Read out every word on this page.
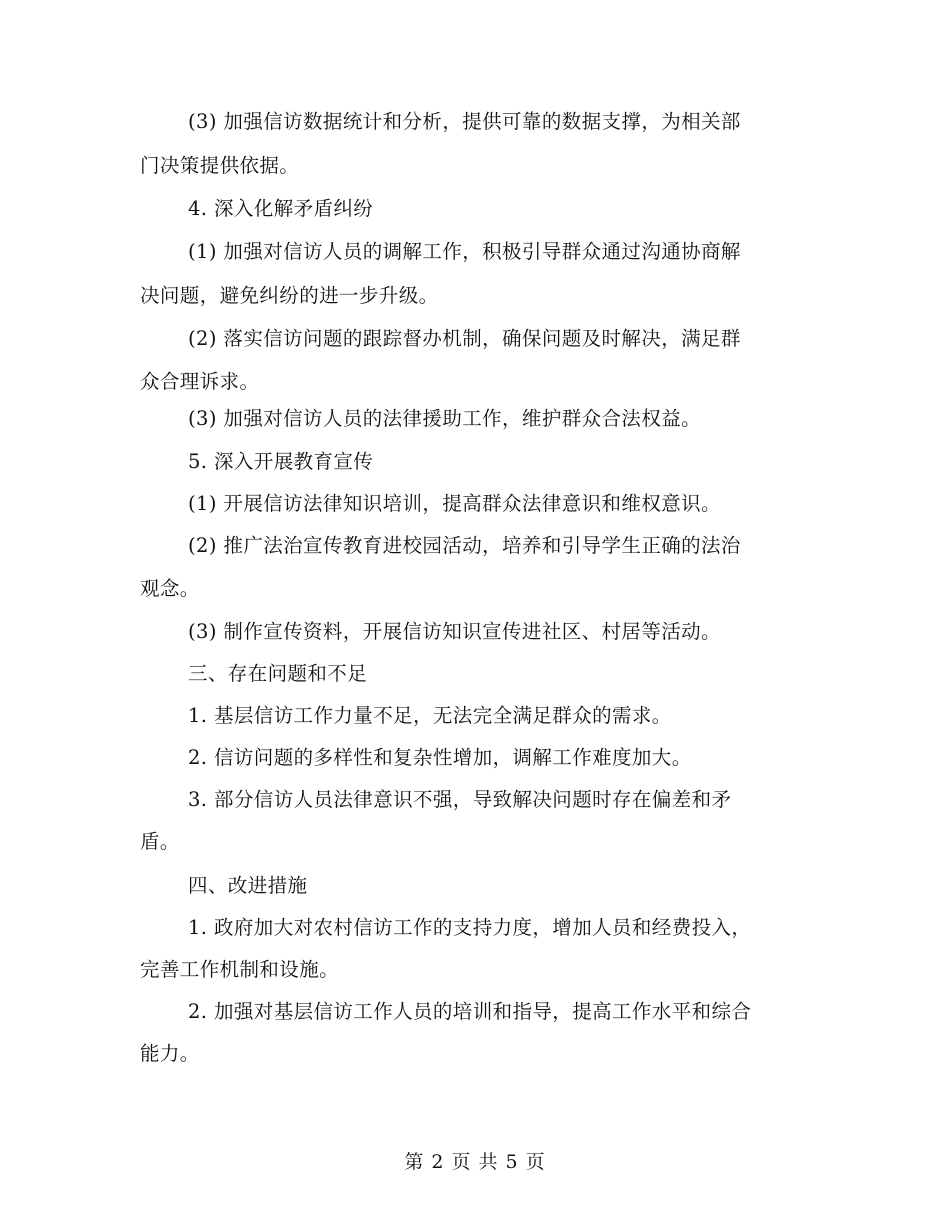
(3) 加强信访数据统计和分析，提供可靠的数据支撑，为相关部
门决策提供依据。
4. 深入化解矛盾纠纷
(1) 加强对信访人员的调解工作，积极引导群众通过沟通协商解
决问题，避免纠纷的进一步升级。
(2) 落实信访问题的跟踪督办机制，确保问题及时解决，满足群
众合理诉求。
(3) 加强对信访人员的法律援助工作，维护群众合法权益。
5. 深入开展教育宣传
(1) 开展信访法律知识培训，提高群众法律意识和维权意识。
(2) 推广法治宣传教育进校园活动，培养和引导学生正确的法治
观念。
(3) 制作宣传资料，开展信访知识宣传进社区、村居等活动。
三、存在问题和不足
1. 基层信访工作力量不足，无法完全满足群众的需求。
2. 信访问题的多样性和复杂性增加，调解工作难度加大。
3. 部分信访人员法律意识不强，导致解决问题时存在偏差和矛
盾。
四、改进措施
1. 政府加大对农村信访工作的支持力度，增加人员和经费投入，
完善工作机制和设施。
2. 加强对基层信访工作人员的培训和指导，提高工作水平和综合
能力。
第 2 页 共 5 页
